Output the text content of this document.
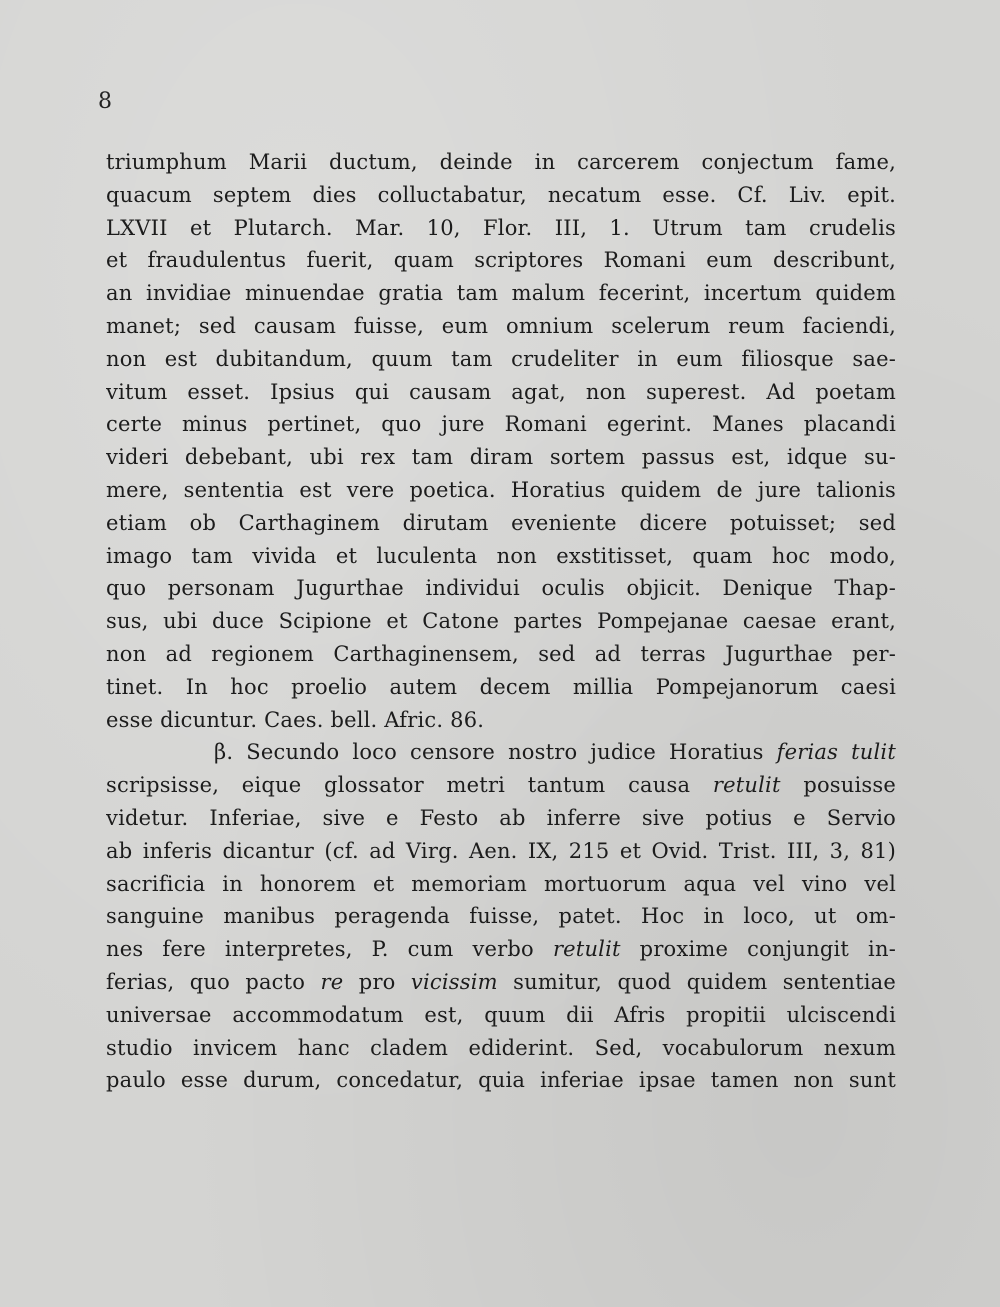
8
triumphum Marii ductum, deinde in carcerem conjectum fame,
quacum septem dies colluctabatur, necatum esse. Cf. Liv. epit.
LXVII et Plutarch. Mar. 10, Flor. III, 1. Utrum tam crudelis
et fraudulentus fuerit, quam scriptores Romani eum describunt,
an invidiae minuendae gratia tam malum fecerint, incertum quidem
manet; sed causam fuisse, eum omnium scelerum reum faciendi,
non est dubitandum, quum tam crudeliter in eum filiosque sae-
vitum esset. Ipsius qui causam agat, non superest. Ad poetam
certe minus pertinet, quo jure Romani egerint. Manes placandi
videri debebant, ubi rex tam diram sortem passus est, idque su-
mere, sententia est vere poetica. Horatius quidem de jure talionis
etiam ob Carthaginem dirutam eveniente dicere potuisset; sed
imago tam vivida et luculenta non exstitisset, quam hoc modo,
quo personam Jugurthae individui oculis objicit. Denique Thap-
sus, ubi duce Scipione et Catone partes Pompejanae caesae erant,
non ad regionem Carthaginensem, sed ad terras Jugurthae per-
tinet. In hoc proelio autem decem millia Pompejanorum caesi
esse dicuntur. Caes. bell. Afric. 86.
β. Secundo loco censore nostro judice Horatius ferias tulit
scripsisse, eique glossator metri tantum causa retulit posuisse
videtur. Inferiae, sive e Festo ab inferre sive potius e Servio
ab inferis dicantur (cf. ad Virg. Aen. IX, 215 et Ovid. Trist. III, 3, 81)
sacrificia in honorem et memoriam mortuorum aqua vel vino vel
sanguine manibus peragenda fuisse, patet. Hoc in loco, ut om-
nes fere interpretes, P. cum verbo retulit proxime conjungit in-
ferias, quo pacto re pro vicissim sumitur, quod quidem sententiae
universae accommodatum est, quum dii Afris propitii ulciscendi
studio invicem hanc cladem ediderint. Sed, vocabulorum nexum
paulo esse durum, concedatur, quia inferiae ipsae tamen non sunt
